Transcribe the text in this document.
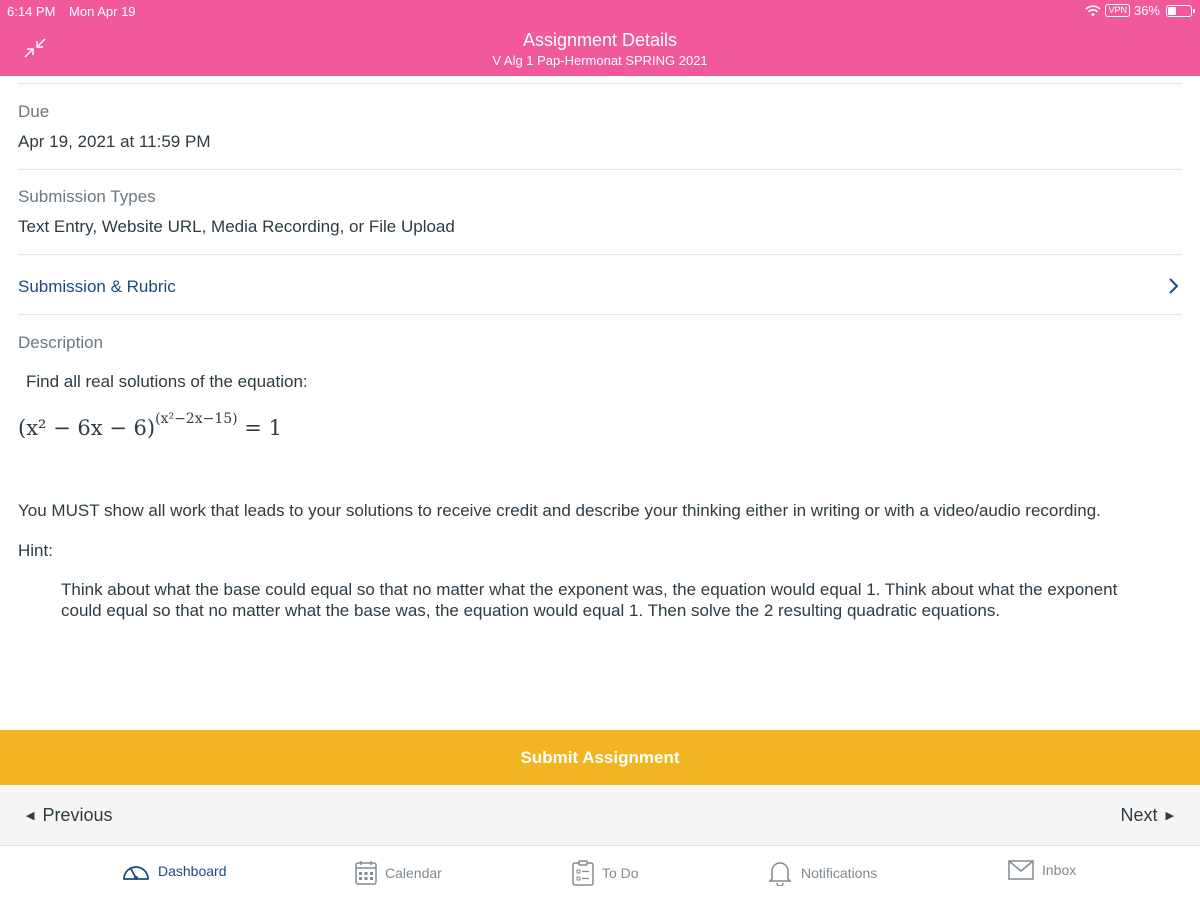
6:14 PM Mon Apr 19	VPN 36%
Assignment Details
V Alg 1 Pap-Hermonat SPRING 2021
Due
Apr 19, 2021 at 11:59 PM
Submission Types
Text Entry, Website URL, Media Recording, or File Upload
Submission & Rubric
Description
Find all real solutions of the equation:
$(x^2 - 6x - 6)^{(x^2-2x-15)} = 1$
You MUST show all work that leads to your solutions to receive credit and describe your thinking either in writing or with a video/audio recording.
Hint:
Think about what the base could equal so that no matter what the exponent was, the equation would equal 1. Think about what the exponent could equal so that no matter what the base was, the equation would equal 1. Then solve the 2 resulting quadratic equations.
Submit Assignment
◀ Previous	Next ▶
Dashboard	Calendar	To Do	Notifications	Inbox
